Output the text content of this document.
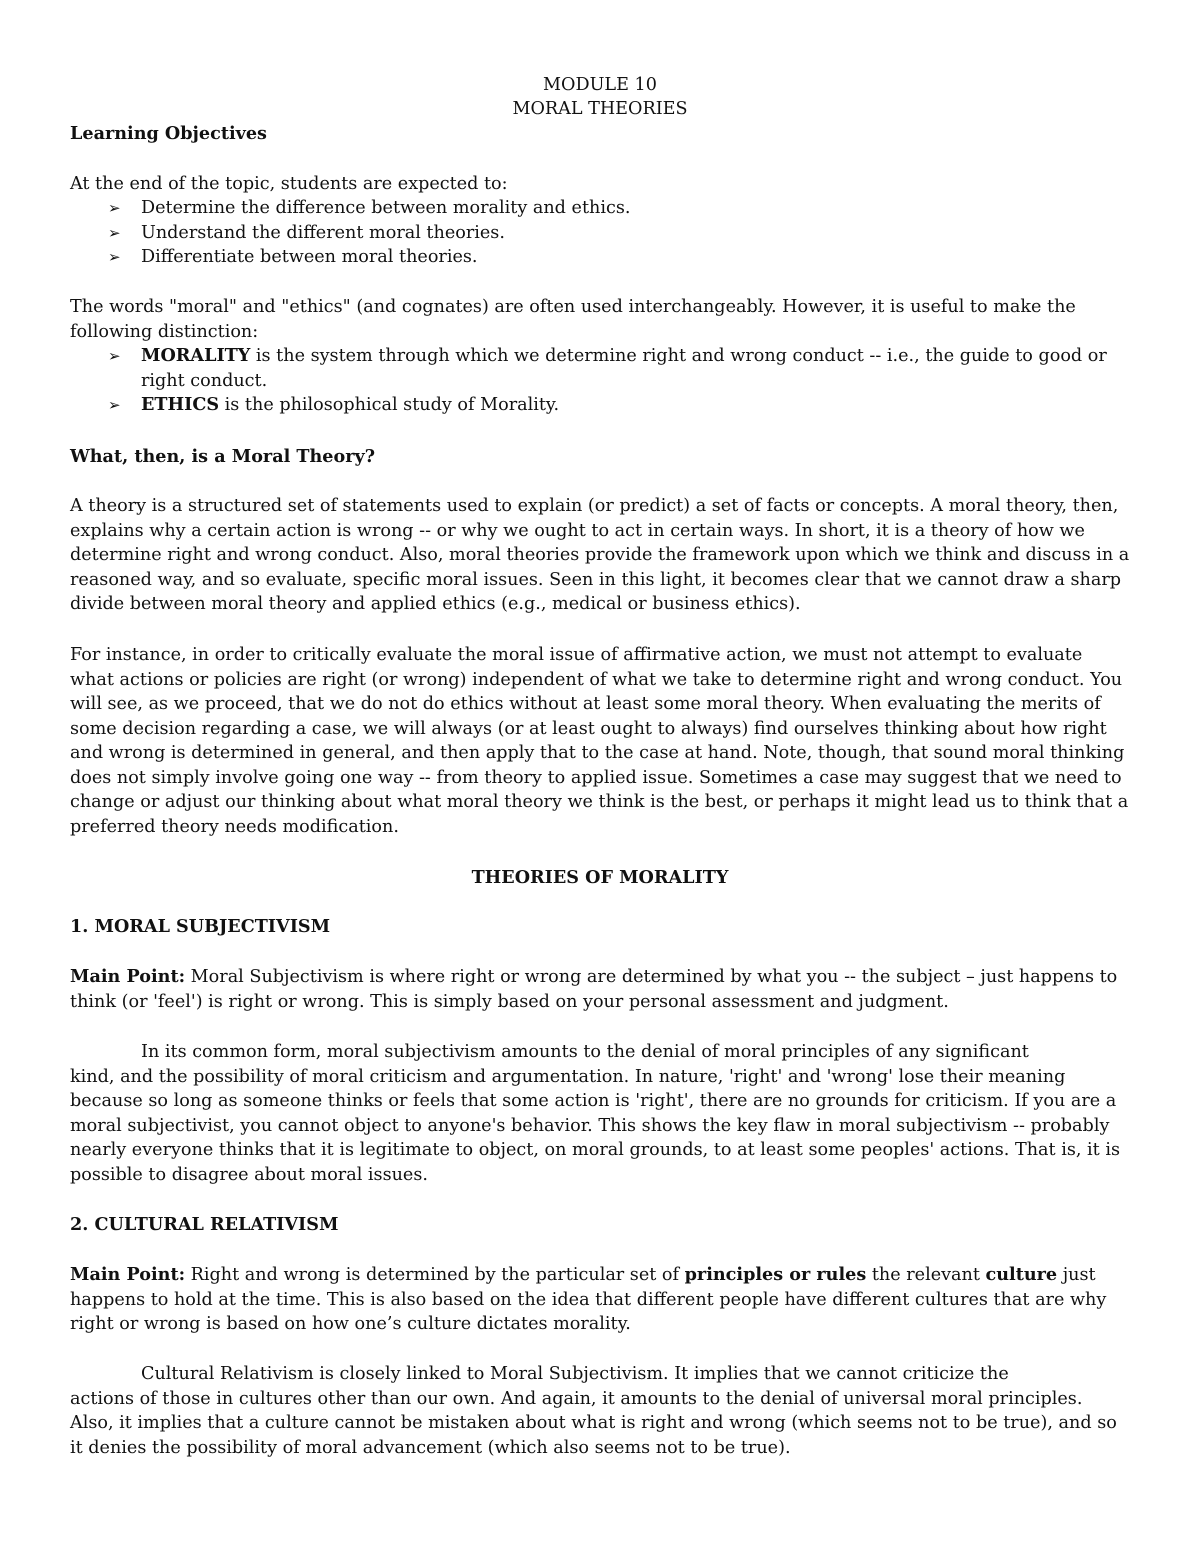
MODULE 10

MORAL THEORIES

Learning Objectives

At the end of the topic, students are expected to:

➢ Determine the difference between morality and ethics.
➢ Understand the different moral theories.
➢ Differentiate between moral theories.

The words "moral" and "ethics" (and cognates) are often used interchangeably. However, it is useful to make the following distinction:

➢ MORALITY is the system through which we determine right and wrong conduct -- i.e., the guide to good or right conduct.
➢ ETHICS is the philosophical study of Morality.

What, then, is a Moral Theory?

A theory is a structured set of statements used to explain (or predict) a set of facts or concepts. A moral theory, then, explains why a certain action is wrong -- or why we ought to act in certain ways. In short, it is a theory of how we determine right and wrong conduct. Also, moral theories provide the framework upon which we think and discuss in a reasoned way, and so evaluate, specific moral issues. Seen in this light, it becomes clear that we cannot draw a sharp divide between moral theory and applied ethics (e.g., medical or business ethics).

For instance, in order to critically evaluate the moral issue of affirmative action, we must not attempt to evaluate what actions or policies are right (or wrong) independent of what we take to determine right and wrong conduct. You will see, as we proceed, that we do not do ethics without at least some moral theory. When evaluating the merits of some decision regarding a case, we will always (or at least ought to always) find ourselves thinking about how right and wrong is determined in general, and then apply that to the case at hand. Note, though, that sound moral thinking does not simply involve going one way -- from theory to applied issue. Sometimes a case may suggest that we need to change or adjust our thinking about what moral theory we think is the best, or perhaps it might lead us to think that a preferred theory needs modification.

THEORIES OF MORALITY

1. MORAL SUBJECTIVISM

Main Point: Moral Subjectivism is where right or wrong are determined by what you -- the subject – just happens to think (or 'feel') is right or wrong. This is simply based on your personal assessment and judgment.

In its common form, moral subjectivism amounts to the denial of moral principles of any significant
kind, and the possibility of moral criticism and argumentation. In nature, 'right' and 'wrong' lose their meaning because so long as someone thinks or feels that some action is 'right', there are no grounds for criticism. If you are a moral subjectivist, you cannot object to anyone's behavior. This shows the key flaw in moral subjectivism -- probably nearly everyone thinks that it is legitimate to object, on moral grounds, to at least some peoples' actions. That is, it is possible to disagree about moral issues.

2. CULTURAL RELATIVISM

Main Point: Right and wrong is determined by the particular set of principles or rules the relevant culture just happens to hold at the time. This is also based on the idea that different people have different cultures that are why right or wrong is based on how one’s culture dictates morality.

Cultural Relativism is closely linked to Moral Subjectivism. It implies that we cannot criticize the
actions of those in cultures other than our own. And again, it amounts to the denial of universal moral principles. Also, it implies that a culture cannot be mistaken about what is right and wrong (which seems not to be true), and so it denies the possibility of moral advancement (which also seems not to be true).
